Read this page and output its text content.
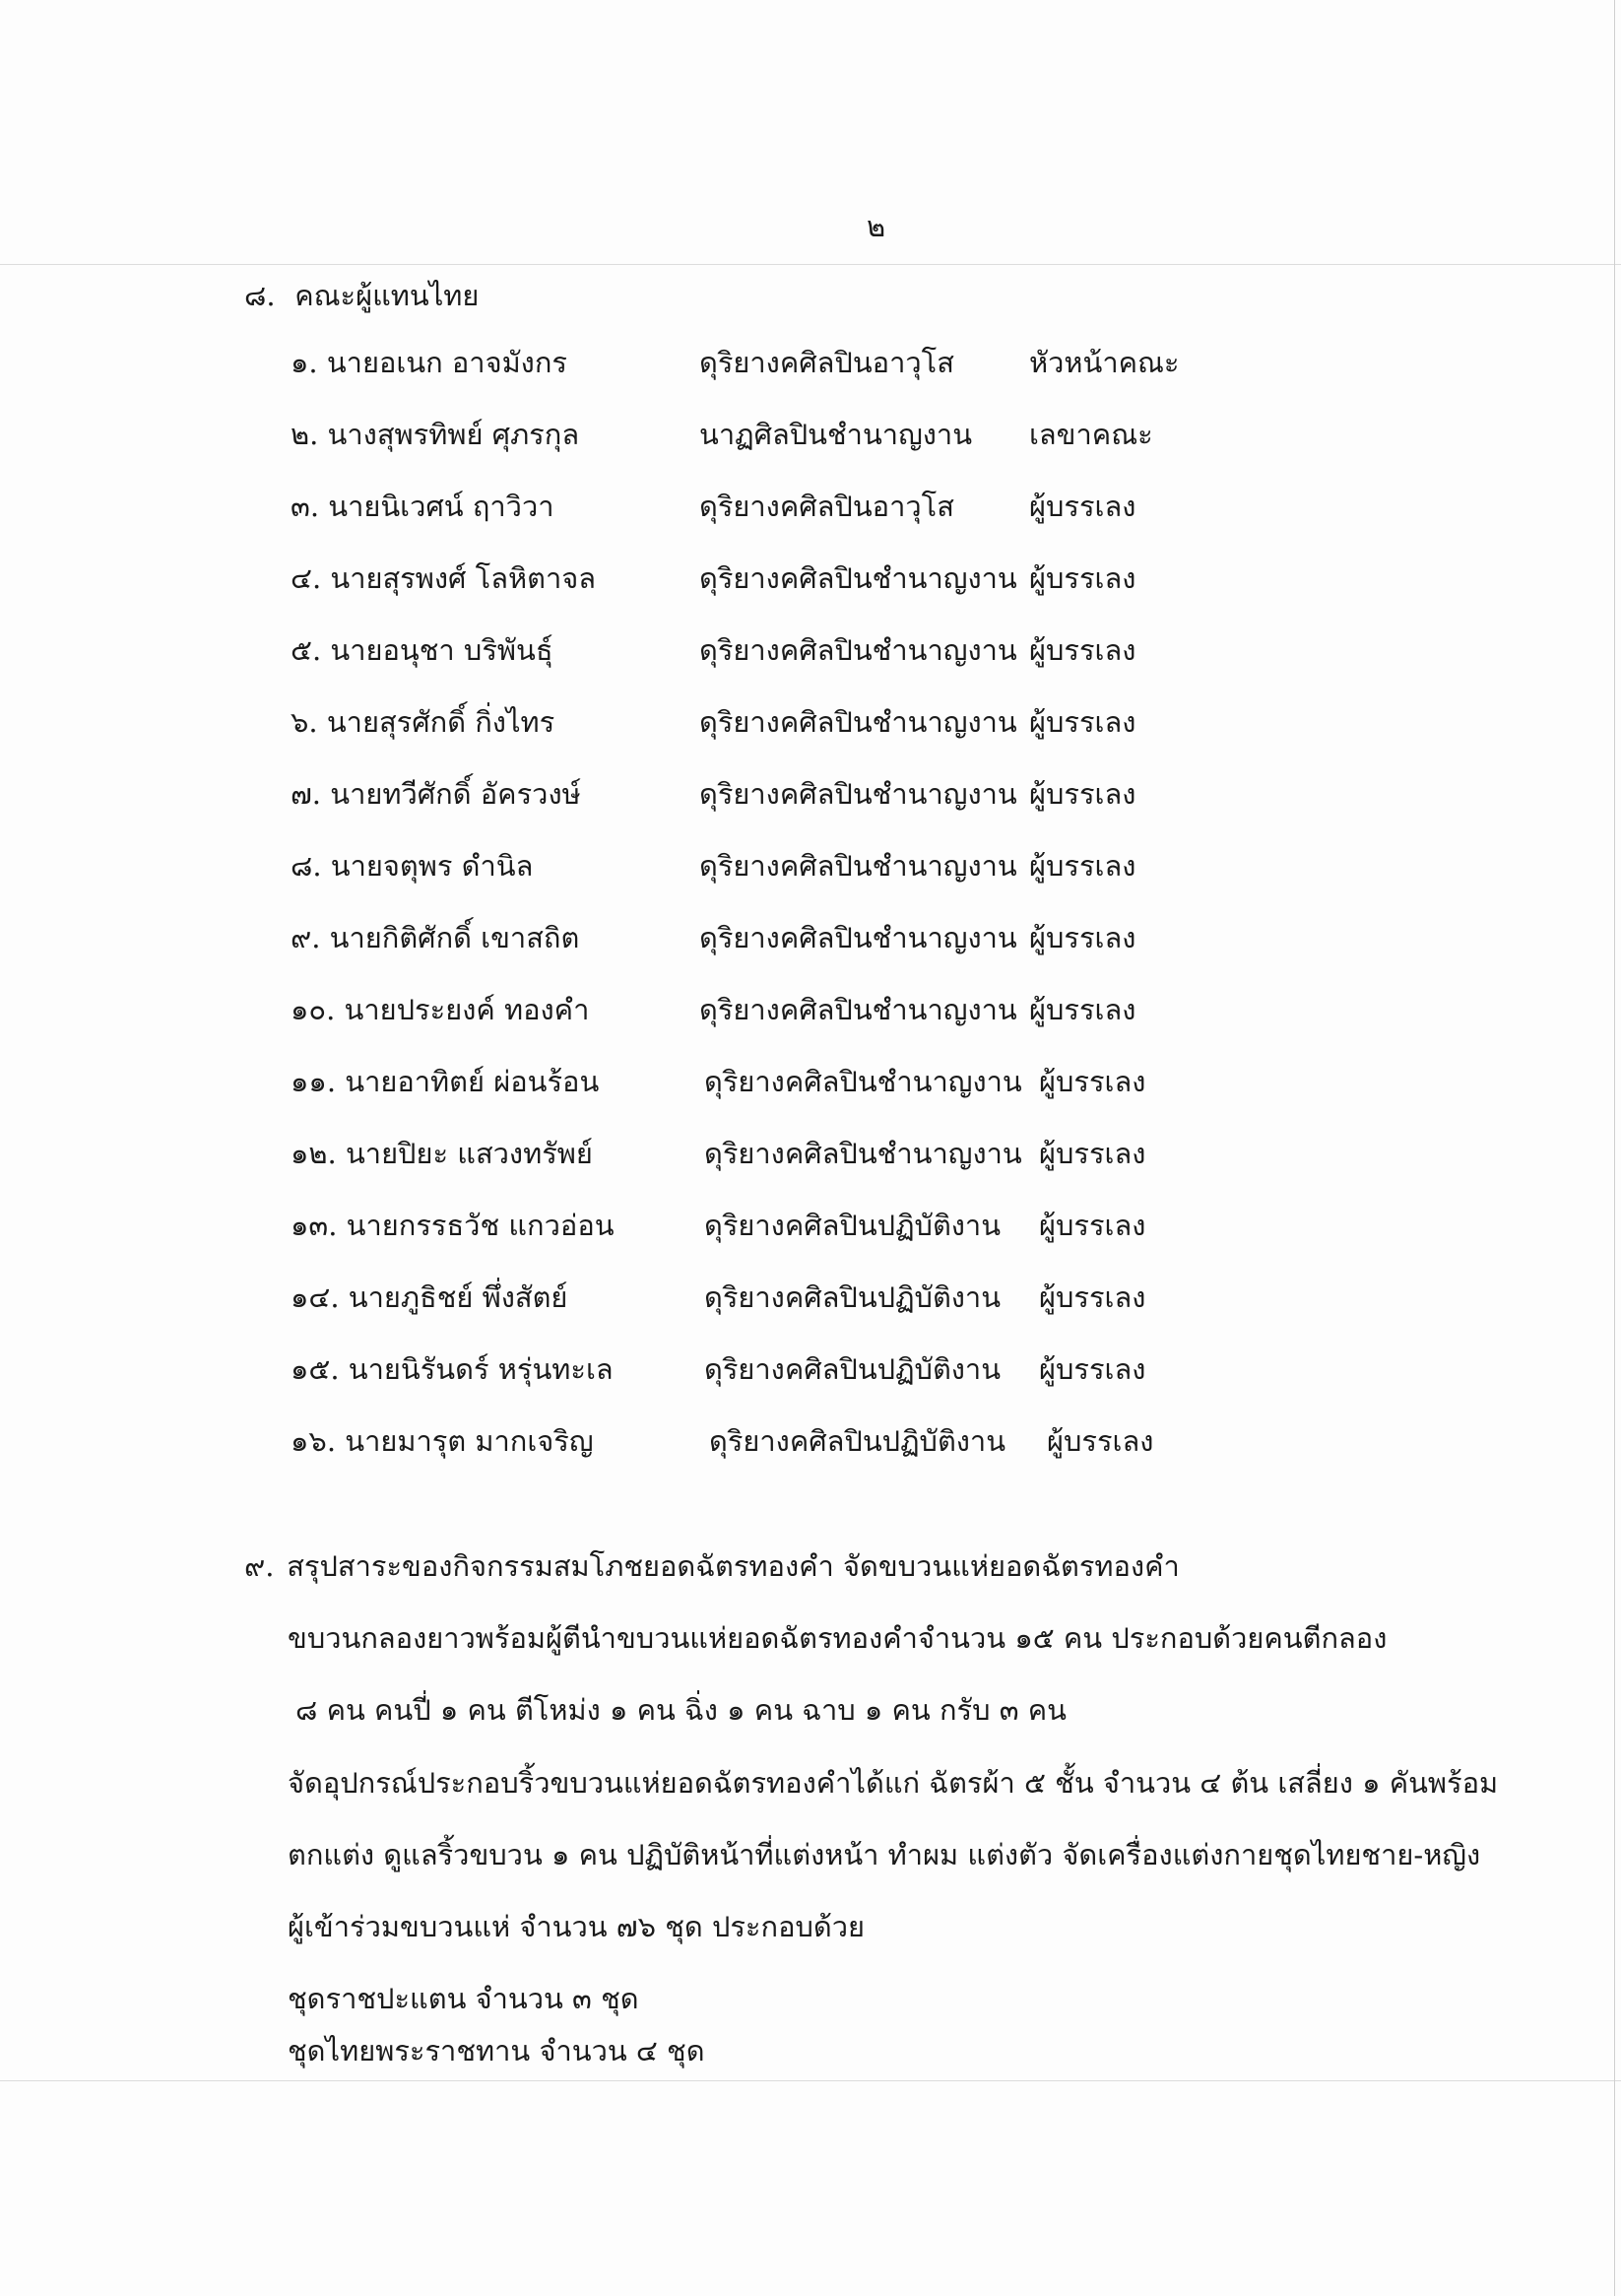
๒
๘. คณะผู้แทนไทย
๑. นายอเนก อาจมังกร	ดุริยางคศิลปินอาวุโส	หัวหน้าคณะ
๒. นางสุพรทิพย์ ศุภรกุล	นาฏศิลปินชำนาญงาน เลขาคณะ
๓. นายนิเวศน์ ฤาวิวา	ดุริยางคศิลปินอาวุโส	ผู้บรรเลง
๔. นายสุรพงศ์ โลหิตาจล	ดุริยางคศิลปินชำนาญงาน ผู้บรรเลง
๕. นายอนุชา บริพันธุ์	ดุริยางคศิลปินชำนาญงาน ผู้บรรเลง
๖. นายสุรศักดิ์ กิ่งไทร	ดุริยางคศิลปินชำนาญงาน ผู้บรรเลง
๗. นายทวีศักดิ์ อัครวงษ์	ดุริยางคศิลปินชำนาญงาน ผู้บรรเลง
๘. นายจตุพร ดำนิล	ดุริยางคศิลปินชำนาญงาน ผู้บรรเลง
๙. นายกิติศักดิ์ เขาสถิต	ดุริยางคศิลปินชำนาญงาน ผู้บรรเลง
๑๐. นายประยงค์ ทองคำ	ดุริยางคศิลปินชำนาญงาน ผู้บรรเลง
๑๑. นายอาทิตย์ ผ่อนร้อน	ดุริยางคศิลปินชำนาญงาน ผู้บรรเลง
๑๒. นายปิยะ แสวงทรัพย์	ดุริยางคศิลปินชำนาญงาน ผู้บรรเลง
๑๓. นายกรรธวัช แกวอ่อน	ดุริยางคศิลปินปฏิบัติงาน ผู้บรรเลง
๑๔. นายภูธิชย์ พึ่งสัตย์	ดุริยางคศิลปินปฏิบัติงาน ผู้บรรเลง
๑๕. นายนิรันดร์ หรุ่นทะเล	ดุริยางคศิลปินปฏิบัติงาน ผู้บรรเลง
๑๖. นายมารุต มากเจริญ	ดุริยางคศิลปินปฏิบัติงาน ผู้บรรเลง
๙. สรุปสาระของกิจกรรมสมโภชยอดฉัตรทองคำ จัดขบวนแห่ยอดฉัตรทองคำ
ขบวนกลองยาวพร้อมผู้ตีนำขบวนแห่ยอดฉัตรทองคำจำนวน ๑๕ คน ประกอบด้วยคนตีกลอง
๘ คน คนปี่ ๑ คน ตีโหม่ง ๑ คน ฉิ่ง ๑ คน ฉาบ ๑ คน กรับ ๓ คน
จัดอุปกรณ์ประกอบริ้วขบวนแห่ยอดฉัตรทองคำได้แก่ ฉัตรผ้า ๕ ชั้น จำนวน ๔ ต้น เสลี่ยง ๑ คันพร้อม
ตกแต่ง ดูแลริ้วขบวน ๑ คน ปฏิบัติหน้าที่แต่งหน้า ทำผม แต่งตัว จัดเครื่องแต่งกายชุดไทยชาย-หญิง
ผู้เข้าร่วมขบวนแห่ จำนวน ๗๖ ชุด ประกอบด้วย
ชุดราชปะแตน จำนวน ๓ ชุด
ชุดไทยพระราชทาน จำนวน ๔ ชุด
